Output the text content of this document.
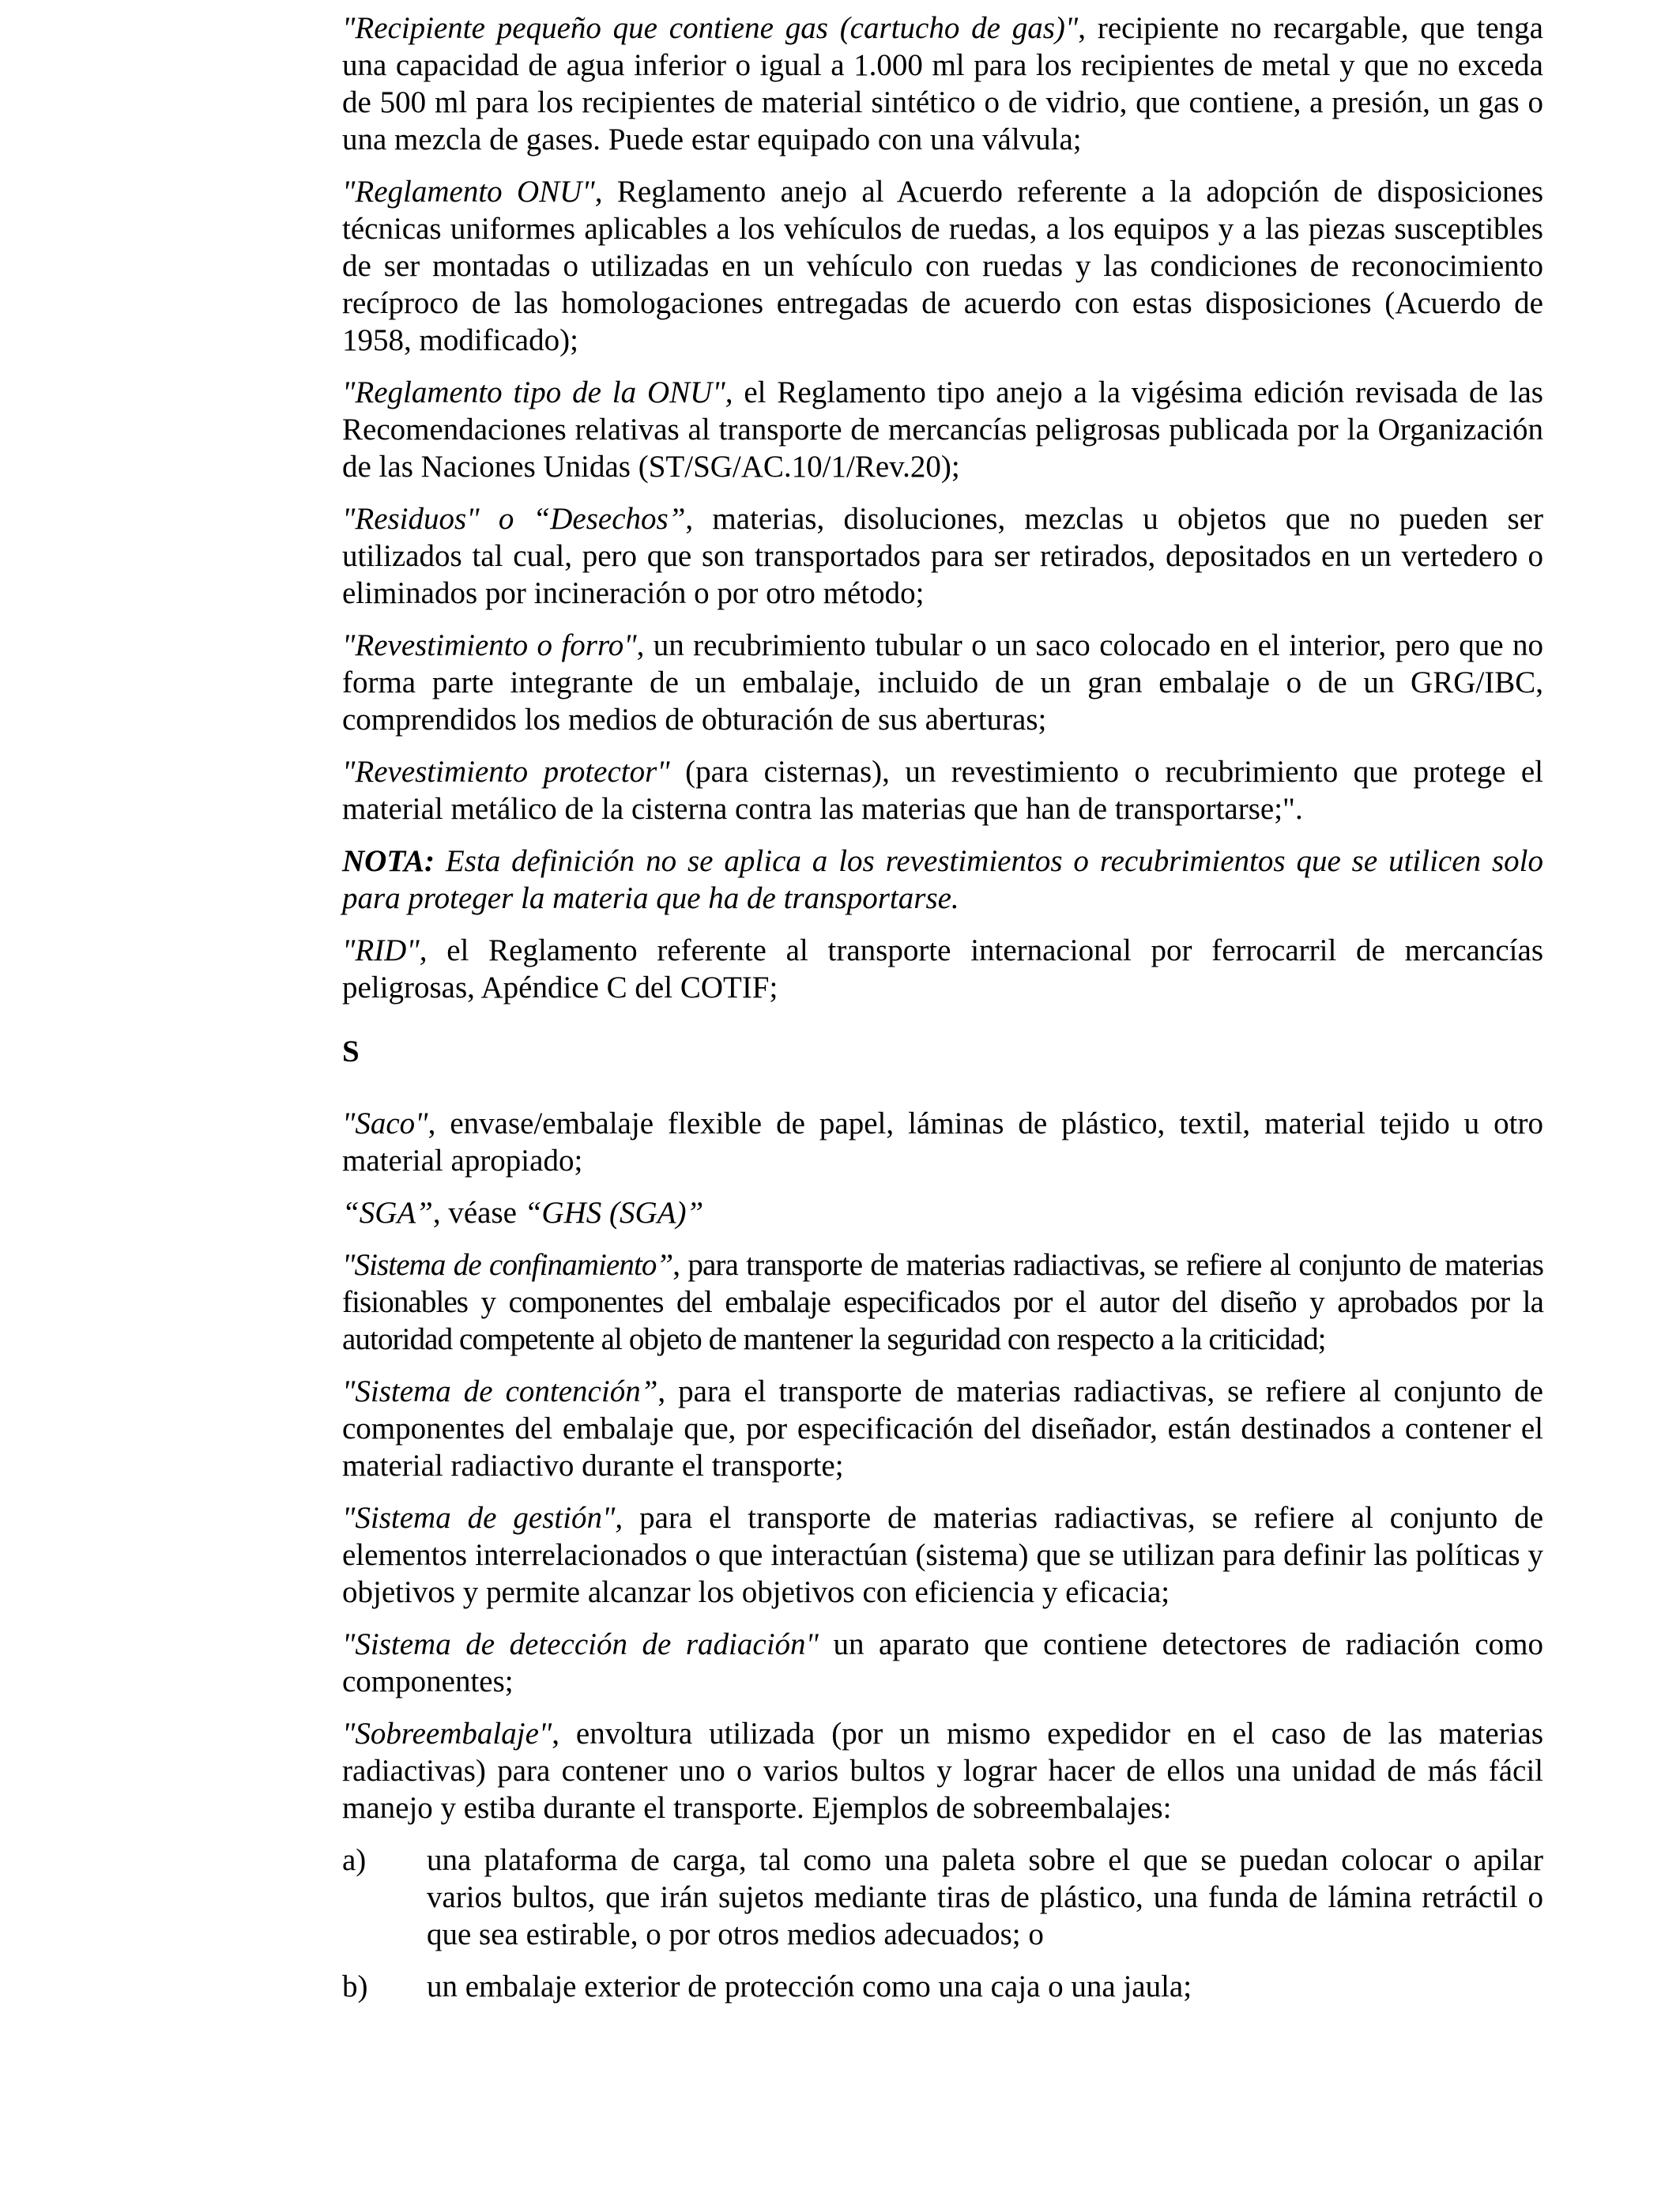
"Recipiente pequeño que contiene gas (cartucho de gas)", recipiente no recargable, que tenga una capacidad de agua inferior o igual a 1.000 ml para los recipientes de metal y que no exceda de 500 ml para los recipientes de material sintético o de vidrio, que contiene, a presión, un gas o una mezcla de gases. Puede estar equipado con una válvula;

"Reglamento ONU", Reglamento anejo al Acuerdo referente a la adopción de disposiciones técnicas uniformes aplicables a los vehículos de ruedas, a los equipos y a las piezas susceptibles de ser montadas o utilizadas en un vehículo con ruedas y las condiciones de reconocimiento recíproco de las homologaciones entregadas de acuerdo con estas disposiciones (Acuerdo de 1958, modificado);

"Reglamento tipo de la ONU", el Reglamento tipo anejo a la vigésima edición revisada de las Recomendaciones relativas al transporte de mercancías peligrosas publicada por la Organización de las Naciones Unidas (ST/SG/AC.10/1/Rev.20);

"Residuos" o “Desechos”, materias, disoluciones, mezclas u objetos que no pueden ser utilizados tal cual, pero que son transportados para ser retirados, depositados en un vertedero o eliminados por incineración o por otro método;

"Revestimiento o forro", un recubrimiento tubular o un saco colocado en el interior, pero que no forma parte integrante de un embalaje, incluido de un gran embalaje o de un GRG/IBC, comprendidos los medios de obturación de sus aberturas;

"Revestimiento protector" (para cisternas), un revestimiento o recubrimiento que protege el material metálico de la cisterna contra las materias que han de transportarse;".

NOTA: Esta definición no se aplica a los revestimientos o recubrimientos que se utilicen solo para proteger la materia que ha de transportarse.

"RID", el Reglamento referente al transporte internacional por ferrocarril de mercancías peligrosas, Apéndice C del COTIF;

S

"Saco", envase/embalaje flexible de papel, láminas de plástico, textil, material tejido u otro material apropiado;

“SGA”, véase “GHS (SGA)”

"Sistema de confinamiento”, para transporte de materias radiactivas, se refiere al conjunto de materias fisionables y componentes del embalaje especificados por el autor del diseño y aprobados por la autoridad competente al objeto de mantener la seguridad con respecto a la criticidad;

"Sistema de contención”, para el transporte de materias radiactivas, se refiere al conjunto de componentes del embalaje que, por especificación del diseñador, están destinados a contener el material radiactivo durante el transporte;

"Sistema de gestión", para el transporte de materias radiactivas, se refiere al conjunto de elementos interrelacionados o que interactúan (sistema) que se utilizan para definir las políticas y objetivos y permite alcanzar los objetivos con eficiencia y eficacia;

"Sistema de detección de radiación" un aparato que contiene detectores de radiación como componentes;

"Sobreembalaje", envoltura utilizada (por un mismo expedidor en el caso de las materias radiactivas) para contener uno o varios bultos y lograr hacer de ellos una unidad de más fácil manejo y estiba durante el transporte. Ejemplos de sobreembalajes:

a)	una plataforma de carga, tal como una paleta sobre el que se puedan colocar o apilar varios bultos, que irán sujetos mediante tiras de plástico, una funda de lámina retráctil o que sea estirable, o por otros medios adecuados; o
b)	un embalaje exterior de protección como una caja o una jaula;
